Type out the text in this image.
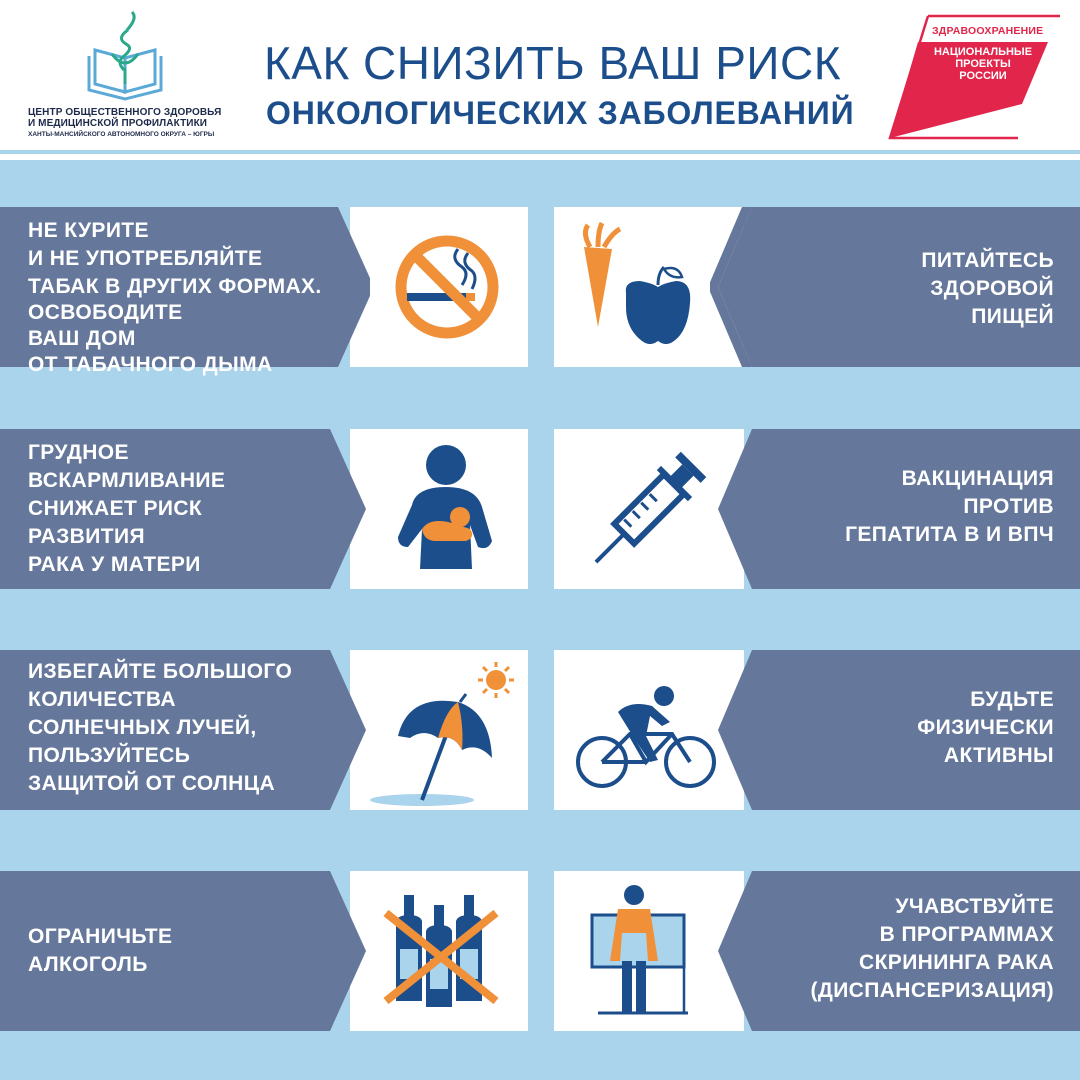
ЦЕНТР ОБЩЕСТВЕННОГО ЗДОРОВЬЯ
И МЕДИЦИНСКОЙ ПРОФИЛАКТИКИ
ХАНТЫ-МАНСИЙСКОГО АВТОНОМНОГО ОКРУГА – ЮГРЫ
КАК СНИЗИТЬ ВАШ РИСК
ОНКОЛОГИЧЕСКИХ ЗАБОЛЕВАНИЙ
ЗДРАВООХРАНЕНИЕ
НАЦИОНАЛЬНЫЕ
ПРОЕКТЫ
РОССИИ
НЕ КУРИТЕ
И НЕ УПОТРЕБЛЯЙТЕ
ТАБАК В ДРУГИХ ФОРМАХ.
ОСВОБОДИТЕ
ВАШ ДОМ
ОТ ТАБАЧНОГО ДЫМА
ПИТАЙТЕСЬ
ЗДОРОВОЙ
ПИЩЕЙ
ГРУДНОЕ
ВСКАРМЛИВАНИЕ
СНИЖАЕТ РИСК
РАЗВИТИЯ
РАКА У МАТЕРИ
ВАКЦИНАЦИЯ
ПРОТИВ
ГЕПАТИТА В И ВПЧ
ИЗБЕГАЙТЕ БОЛЬШОГО
КОЛИЧЕСТВА
СОЛНЕЧНЫХ ЛУЧЕЙ,
ПОЛЬЗУЙТЕСЬ
ЗАЩИТОЙ ОТ СОЛНЦА
БУДЬТЕ
ФИЗИЧЕСКИ
АКТИВНЫ
ОГРАНИЧЬТЕ
АЛКОГОЛЬ
УЧАВСТВУЙТЕ
В ПРОГРАММАХ
СКРИНИНГА РАКА
(ДИСПАНСЕРИЗАЦИЯ)
